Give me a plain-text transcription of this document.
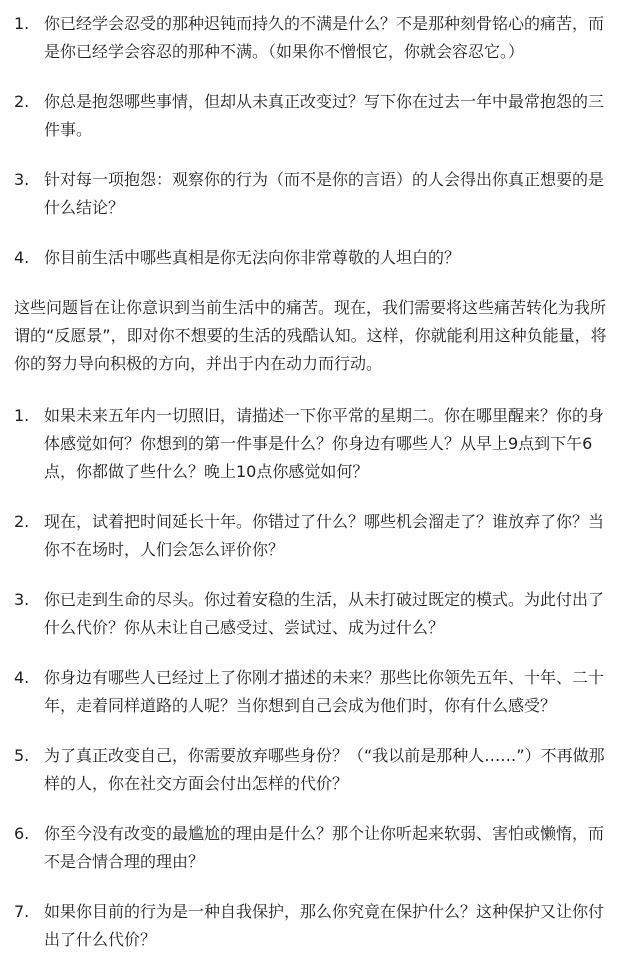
1. 你已经学会忍受的那种迟钝而持久的不满是什么？不是那种刻骨铭心的痛苦，而是你已经学会容忍的那种不满。（如果你不憎恨它，你就会容忍它。）
2. 你总是抱怨哪些事情，但却从未真正改变过？写下你在过去一年中最常抱怨的三件事。
3. 针对每一项抱怨：观察你的行为（而不是你的言语）的人会得出你真正想要的是什么结论？
4. 你目前生活中哪些真相是你无法向你非常尊敬的人坦白的？

这些问题旨在让你意识到当前生活中的痛苦。现在，我们需要将这些痛苦转化为我所谓的“反愿景”，即对你不想要的生活的残酷认知。这样，你就能利用这种负能量，将你的努力导向积极的方向，并出于内在动力而行动。

1. 如果未来五年内一切照旧，请描述一下你平常的星期二。你在哪里醒来？你的身体感觉如何？你想到的第一件事是什么？你身边有哪些人？从早上9点到下午6点，你都做了些什么？晚上10点你感觉如何？
2. 现在，试着把时间延长十年。你错过了什么？哪些机会溜走了？谁放弃了你？当你不在场时，人们会怎么评价你？
3. 你已走到生命的尽头。你过着安稳的生活，从未打破过既定的模式。为此付出了什么代价？你从未让自己感受过、尝试过、成为过什么？
4. 你身边有哪些人已经过上了你刚才描述的未来？那些比你领先五年、十年、二十年，走着同样道路的人呢？当你想到自己会成为他们时，你有什么感受？
5. 为了真正改变自己，你需要放弃哪些身份？（“我以前是那种人……”）不再做那样的人，你在社交方面会付出怎样的代价？
6. 你至今没有改变的最尴尬的理由是什么？那个让你听起来软弱、害怕或懒惰，而不是合情合理的理由？
7. 如果你目前的行为是一种自我保护，那么你究竟在保护什么？这种保护又让你付出了什么代价？
